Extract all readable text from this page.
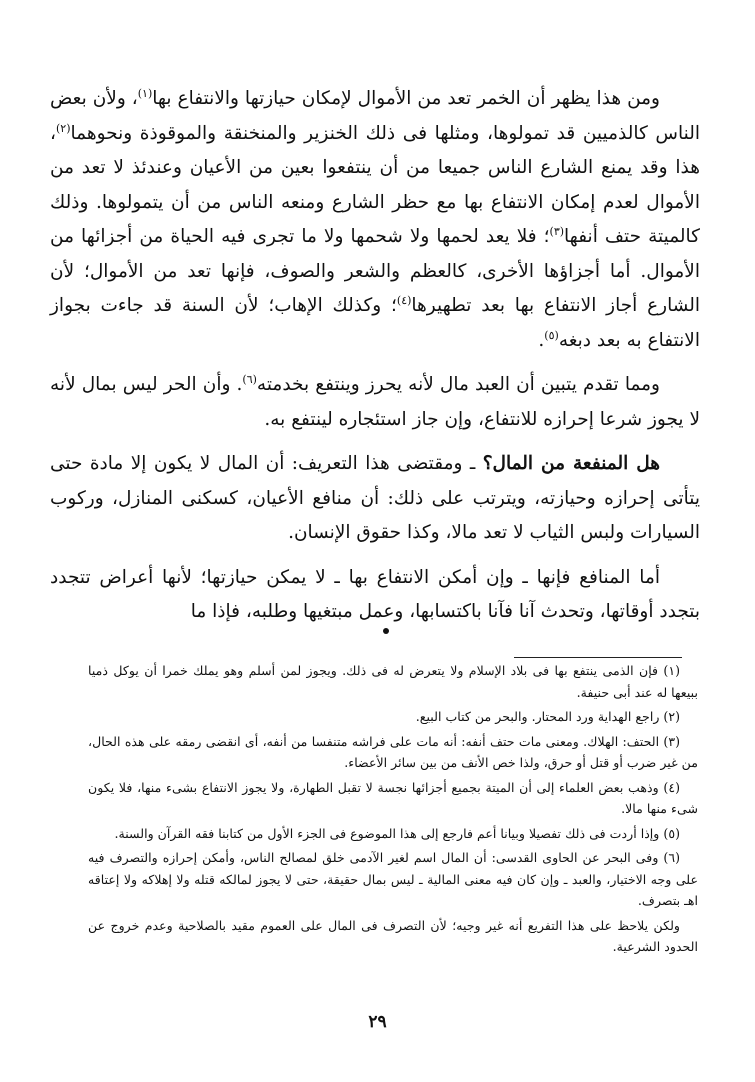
ومن هذا يظهر أن الخمر تعد من الأموال لإمكان حيازتها والانتفاع بها$^{(١)}$، ولأن بعض الناس كالذميين قد تمولوها، ومثلها فى ذلك الخنزير والمنخنقة والموقوذة ونحوهما$^{(٢)}$، هذا وقد يمنع الشارع الناس جميعا من أن ينتفعوا بعين من الأعيان وعندئذ لا تعد من الأموال لعدم إمكان الانتفاع بها مع حظر الشارع ومنعه الناس من أن يتمولوها. وذلك كالميتة حتف أنفها$^{(٣)}$؛ فلا يعد لحمها ولا شحمها ولا ما تجرى فيه الحياة من أجزائها من الأموال. أما أجزاؤها الأخرى، كالعظم والشعر والصوف، فإنها تعد من الأموال؛ لأن الشارع أجاز الانتفاع بها بعد تطهيرها$^{(٤)}$؛ وكذلك الإهاب؛ لأن السنة قد جاءت بجواز الانتفاع به بعد دبغه$^{(٥)}$.

ومما تقدم يتبين أن العبد مال لأنه يحرز وينتفع بخدمته$^{(٦)}$. وأن الحر ليس بمال لأنه لا يجوز شرعا إحرازه للانتفاع، وإن جاز استئجاره لينتفع به.

هل المنفعة من المال؟ ـ ومقتضى هذا التعريف: أن المال لا يكون إلا مادة حتى يتأتى إحرازه وحيازته، ويترتب على ذلك: أن منافع الأعيان، كسكنى المنازل، وركوب السيارات ولبس الثياب لا تعد مالا، وكذا حقوق الإنسان.

أما المنافع فإنها ـ وإن أمكن الانتفاع بها ـ لا يمكن حيازتها؛ لأنها أعراض تتجدد بتجدد أوقاتها، وتحدث آنا فآنا باكتسابها، وعمل مبتغيها وطلبه، فإذا ما

(١) فإن الذمى ينتفع بها فى بلاد الإسلام ولا يتعرض له فى ذلك. ويجوز لمن أسلم وهو يملك خمرا أن يوكل ذميا ببيعها له عند أبى حنيفة.

(٢) راجع الهداية ورد المحتار. والبحر من كتاب البيع.

(٣) الحتف: الهلاك. ومعنى مات حتف أنفه: أنه مات على فراشه متنفسا من أنفه، أى انقضى رمقه على هذه الحال، من غير ضرب أو قتل أو حرق، ولذا خص الأنف من بين سائر الأعضاء.

(٤) وذهب بعض العلماء إلى أن الميتة بجميع أجزائها نجسة لا تقبل الطهارة، ولا يجوز الانتفاع بشىء منها، فلا يكون شىء منها مالا.

(٥) وإذا أردت فى ذلك تفصيلا وبيانا أعم فارجع إلى هذا الموضوع فى الجزء الأول من كتابنا فقه القرآن والسنة.

(٦) وفى البحر عن الحاوى القدسى: أن المال اسم لغير الآدمى خلق لمصالح الناس، وأمكن إحرازه والتصرف فيه على وجه الاختيار، والعبد ـ وإن كان فيه معنى المالية ـ ليس بمال حقيقة، حتى لا يجوز لمالكه قتله ولا إهلاكه ولا إعتاقه اهـ بتصرف.

ولكن يلاحظ على هذا التفريع أنه غير وجيه؛ لأن التصرف فى المال على العموم مقيد بالصلاحية وعدم خروج عن الحدود الشرعية.

٢٩
